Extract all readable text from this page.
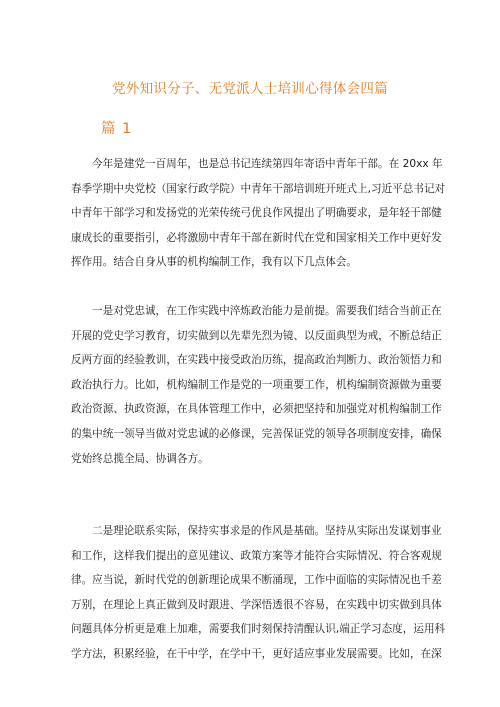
党外知识分子、无党派人士培训心得体会四篇
篇 1
今年是建党一百周年，也是总书记连续第四年寄语中青年干部。在 20xx 年
春季学期中央党校（国家行政学院）中青年干部培训班开班式上,习近平总书记对
中青年干部学习和发扬党的光荣传统弓优良作风提出了明确要求，是年轻干部健
康成长的重要指引，必将激励中青年干部在新时代在党和国家相关工作中更好发
挥作用。结合自身从事的机构编制工作，我有以下几点体会。
一是对党忠诚，在工作实践中淬炼政治能力是前提。需要我们结合当前正在
开展的党史学习教育，切实做到以先辈先烈为镜、以反面典型为戒，不断总结正
反两方面的经验教训，在实践中接受政治历练，提高政治判断力、政治领悟力和
政治执行力。比如，机构编制工作是党的一项重要工作，机构编制资源做为重要
政治资源、执政资源，在具体管理工作中，必须把坚持和加强党对机构编制工作
的集中统一领导当做对党忠诚的必修课，完善保证党的领导各项制度安排，确保
党始终总揽全局、协调各方。
二是理论联系实际，保持实事求是的作风是基础。坚持从实际出发谋划事业
和工作，这样我们提出的意见建议、政策方案等才能符合实际情况、符合客观规
律。应当说，新时代党的创新理论成果不断涌现，工作中面临的实际情况也千差
万别，在理论上真正做到及时跟进、学深悟透很不容易，在实践中切实做到具体
问题具体分析更是难上加难，需要我们时刻保持清醒认识,端正学习态度，运用科
学方法，积累经验，在干中学，在学中干，更好适应事业发展需要。比如，在深
